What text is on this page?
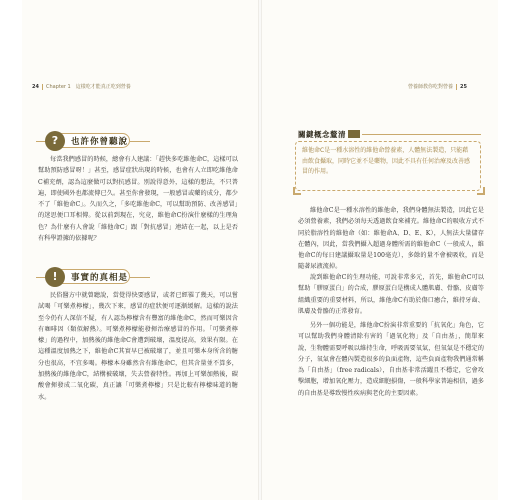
24 Chapter 1　這樣吃才能真正吃到營養	營養師教你吃對營養 25
?	也許你曾聽說
每當我們感冒的時候，總會有人建議：「趕快多吃維他命C，這樣可以幫助預防感冒呀！」甚至，感冒症狀出現的時候，也會有人立即吃維他命C補充劑，認為這麼做可以對抗感冒。別說得意外，這樣的想法，不只普遍，即使國外也都流傳已久。甚至你會發現，一般感冒或藥的成分，都少不了「維他命C」。久而久之，「多吃維他命C，可以幫助預防、改善感冒」的迷思便口耳相傳。從以前到現在，究竟，維他命C扮演什麼樣的生理角色？為什麼有人會說「維他命C」跟「對抗感冒」連結在一起，以上是否有科學證據的依據呢？
!	事實的真相是
民俗醫方中就曾聽說，當覺得快要感冒，或者已經罹了幾天，可以嘗試喝「可樂煮檸檬」，幾次下來，感冒的症狀便可逐漸緩解。這樣的說法至今仍有人深信不疑，有人認為檸檬含有豐富的維他命C，然而可樂因含有咖啡因（類似解熱）。可樂煮檸檬能發揮治療感冒的作用。「可樂煮檸檬」的過程中，加熱後的維他命C會遭到破壞，溫度提高，效果有限。在這種溫度加熱之下，維他命C其實早已被破壞了，並且可樂本身所含的糖分也很高，不宜多喝。檸檬本身雖然含有維他命C，但其含量並不算多，加熱後的維他命C，結構被破壞，失去營養特性。再加上可樂加熱後，碳酸會揮發成二氧化碳，真正讓「可樂煮檸檬」只是比較有檸檬味道的糖水。
關鍵概念釐清
維他命C是一種水溶性的維他命營養素，人體無法製造，只能藉由飲食攝取，同時它並不是藥物，因此不具有任何治療及改善感冒的作用。
維他命C是一種水溶性的維他命，我們身體無法製造，因此它是必須營養素，我們必須每天透過飲食來補充。維他命C的吸收方式不同於脂溶性的維他命（如：維他命A、D、E、K），人無法大量儲存在體內，因此，當我們攝入超過身體所需的維他命C（一般成人，維他命C的每日建議攝取量是100毫克），多餘的量不會被吸收，而是隨著尿液流掉。
說到維他命C的生理功能，可說非常多元，首先，維他命C可以幫助「膠原蛋白」的合成，膠原蛋白是構成人體肌膚、骨骼、皮膚等組織重要的重要材料，所以，維他命C有助於傷口癒合，維持牙齒、肌膚及骨骼的正常發育。
另外一個功能是，維他命C扮演非常重要的「抗氧化」角色，它可以幫助我們身體清除有害的「過氧化物」及「自由基」，簡單來說，生物體需要呼吸以維持生命，呼吸需要氧氣，但氧氣是不穩定的分子，氧氣會在體內製造很多的負面產物，這些負面產物我們通常稱為「自由基」（free radicals），自由基非常活躍且不穩定，它會攻擊細胞，增加氧化壓力，造成細胞損傷，一般科學家普遍相信，過多的自由基是導致慢性疾病與老化的主要因素。
